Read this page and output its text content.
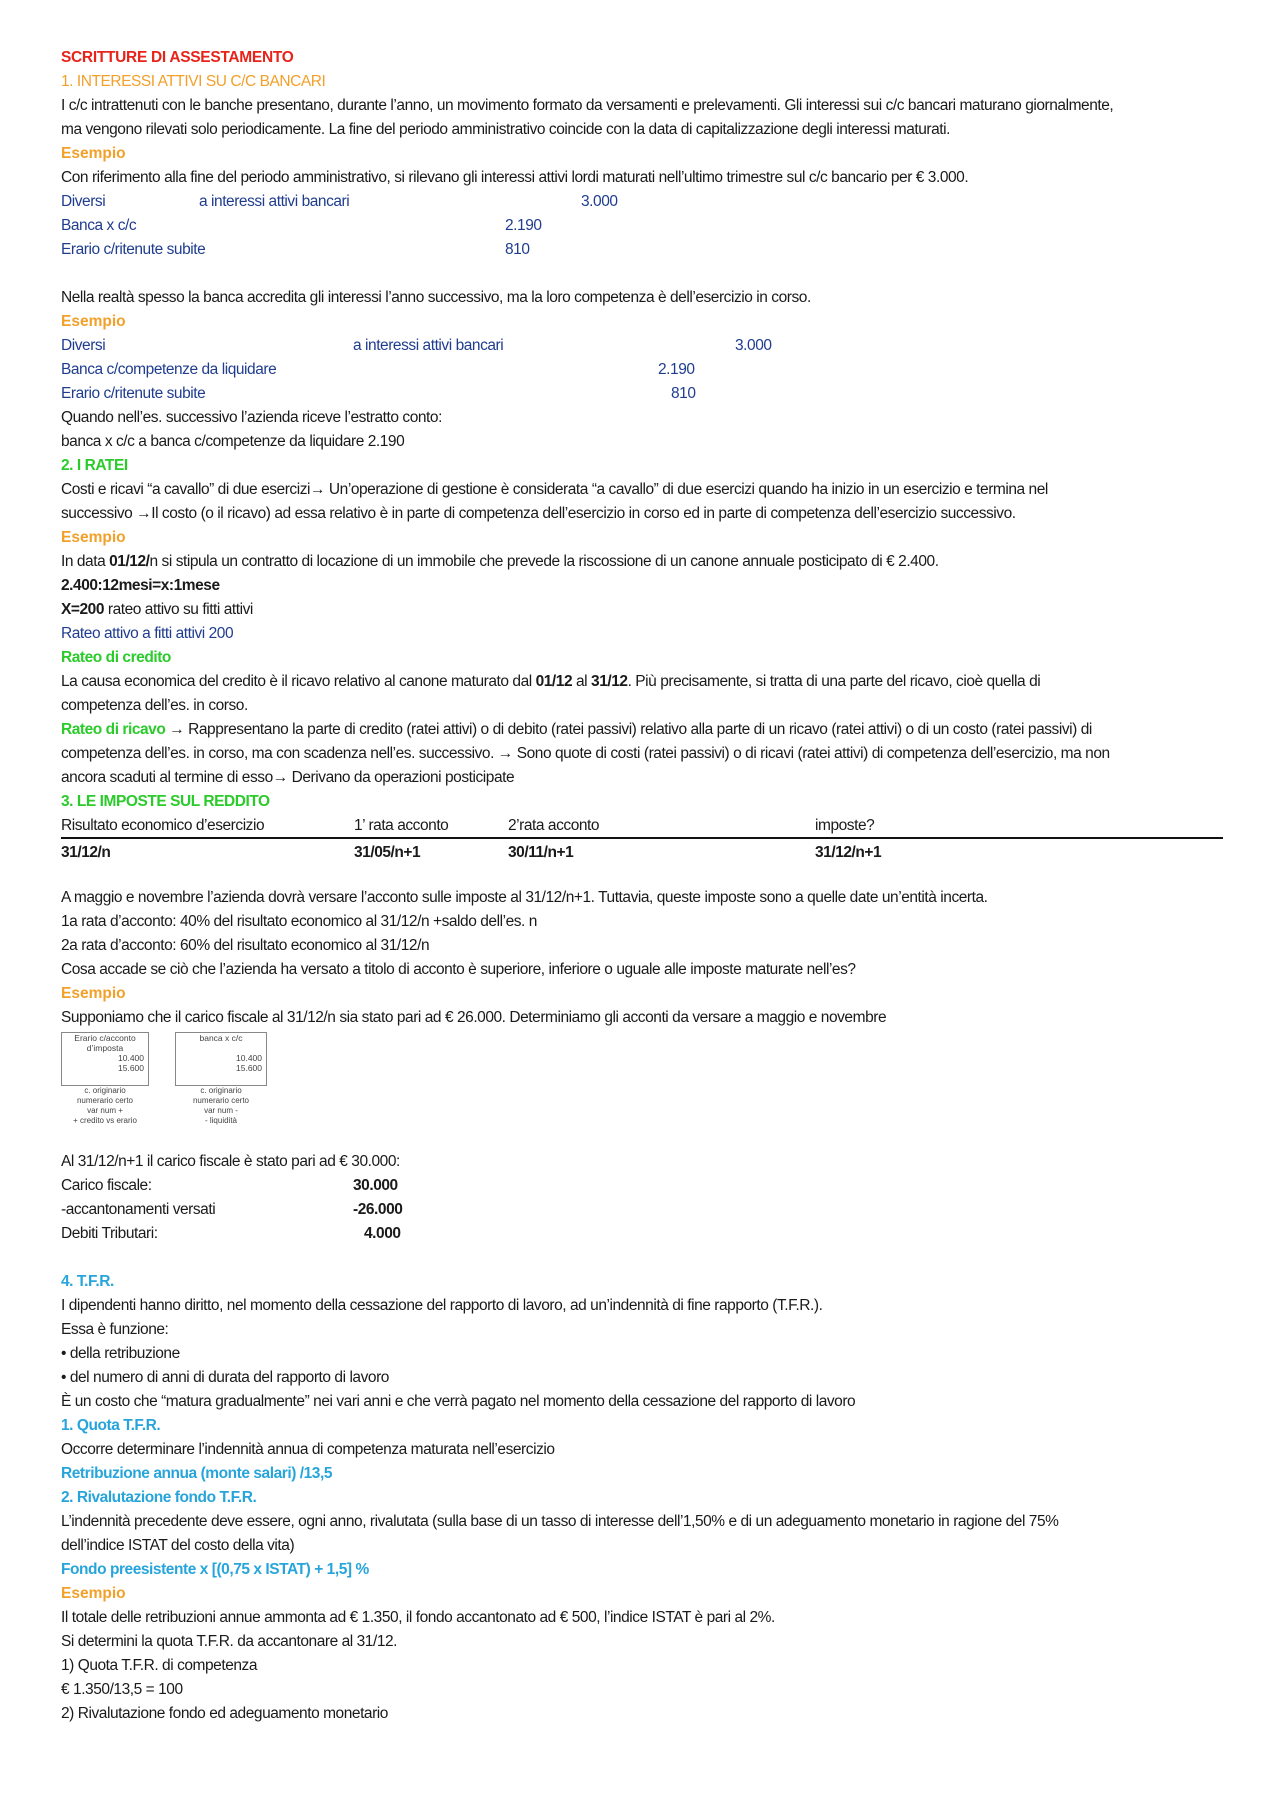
SCRITTURE DI ASSESTAMENTO
1. INTERESSI ATTIVI SU C/C BANCARI
I c/c intrattenuti con le banche presentano, durante l’anno, un movimento formato da versamenti e prelevamenti. Gli interessi sui c/c bancari maturano giornalmente,
ma vengono rilevati solo periodicamente. La fine del periodo amministrativo coincide con la data di capitalizzazione degli interessi maturati.
Esempio
Con riferimento alla fine del periodo amministrativo, si rilevano gli interessi attivi lordi maturati nell’ultimo trimestre sul c/c bancario per € 3.000.
Diversi	a interessi attivi bancari	3.000
Banca x c/c	2.190
Erario c/ritenute subite	810
Nella realtà spesso la banca accredita gli interessi l’anno successivo, ma la loro competenza è dell’esercizio in corso.
Esempio
Diversi	a interessi attivi bancari	3.000
Banca c/competenze da liquidare	2.190
Erario c/ritenute subite	810
Quando nell’es. successivo l’azienda riceve l’estratto conto:
banca x c/c a banca c/competenze da liquidare 2.190
2. I RATEI
Costi e ricavi “a cavallo” di due esercizi→ Un’operazione di gestione è considerata “a cavallo” di due esercizi quando ha inizio in un esercizio e termina nel
successivo →Il costo (o il ricavo) ad essa relativo è in parte di competenza dell’esercizio in corso ed in parte di competenza dell’esercizio successivo.
Esempio
In data 01/12/n si stipula un contratto di locazione di un immobile che prevede la riscossione di un canone annuale posticipato di € 2.400.
2.400:12mesi=x:1mese
X=200 rateo attivo su fitti attivi
Rateo attivo a fitti attivi 200
Rateo di credito
La causa economica del credito è il ricavo relativo al canone maturato dal 01/12 al 31/12. Più precisamente, si tratta di una parte del ricavo, cioè quella di
competenza dell’es. in corso.
Rateo di ricavo → Rappresentano la parte di credito (ratei attivi) o di debito (ratei passivi) relativo alla parte di un ricavo (ratei attivi) o di un costo (ratei passivi) di
competenza dell’es. in corso, ma con scadenza nell’es. successivo. → Sono quote di costi (ratei passivi) o di ricavi (ratei attivi) di competenza dell’esercizio, ma non
ancora scaduti al termine di esso→ Derivano da operazioni posticipate
3. LE IMPOSTE SUL REDDITO
Risultato economico d’esercizio	1’ rata acconto	2’rata acconto	imposte?
31/12/n	31/05/n+1	30/11/n+1	31/12/n+1
A maggio e novembre l’azienda dovrà versare l’acconto sulle imposte al 31/12/n+1. Tuttavia, queste imposte sono a quelle date un’entità incerta.
1a rata d’acconto: 40% del risultato economico al 31/12/n +saldo dell’es. n
2a rata d’acconto: 60% del risultato economico al 31/12/n
Cosa accade se ciò che l’azienda ha versato a titolo di acconto è superiore, inferiore o uguale alle imposte maturate nell’es?
Esempio
Supponiamo che il carico fiscale al 31/12/n sia stato pari ad € 26.000. Determiniamo gli acconti da versare a maggio e novembre
Erario c/acconto
d’imposta
10.400
15.600
c. originario
numerario certo
var num +
+ credito vs erario
banca x c/c
10.400
15.600
c. originario
numerario certo
var num -
- liquidità
Al 31/12/n+1 il carico fiscale è stato pari ad € 30.000:
Carico fiscale:	30.000
-accantonamenti versati	-26.000
Debiti Tributari:	4.000
4. T.F.R.
I dipendenti hanno diritto, nel momento della cessazione del rapporto di lavoro, ad un’indennità di fine rapporto (T.F.R.).
Essa è funzione:
• della retribuzione
• del numero di anni di durata del rapporto di lavoro
È un costo che “matura gradualmente” nei vari anni e che verrà pagato nel momento della cessazione del rapporto di lavoro
1. Quota T.F.R.
Occorre determinare l’indennità annua di competenza maturata nell’esercizio
Retribuzione annua (monte salari) /13,5
2. Rivalutazione fondo T.F.R.
L’indennità precedente deve essere, ogni anno, rivalutata (sulla base di un tasso di interesse dell’1,50% e di un adeguamento monetario in ragione del 75%
dell’indice ISTAT del costo della vita)
Fondo preesistente x [(0,75 x ISTAT) + 1,5] %
Esempio
Il totale delle retribuzioni annue ammonta ad € 1.350, il fondo accantonato ad € 500, l’indice ISTAT è pari al 2%.
Si determini la quota T.F.R. da accantonare al 31/12.
1) Quota T.F.R. di competenza
€ 1.350/13,5 = 100
2) Rivalutazione fondo ed adeguamento monetario
